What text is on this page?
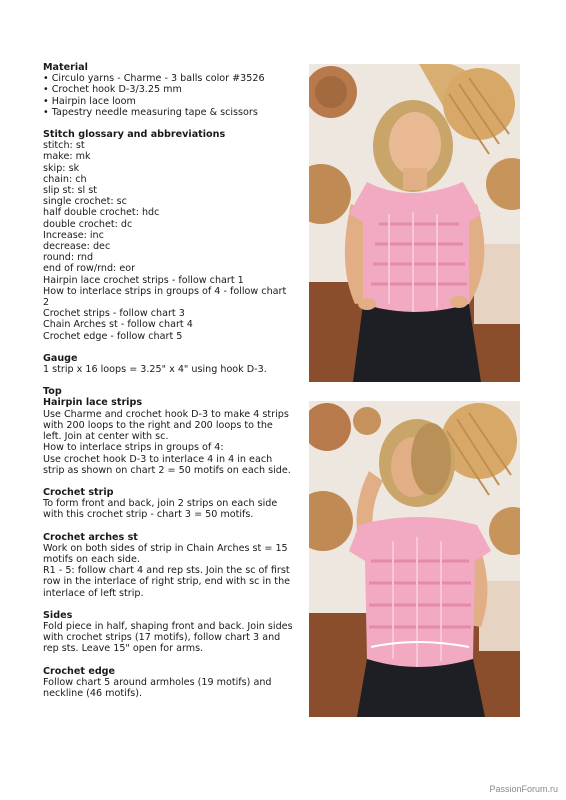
Material
• Circulo yarns - Charme - 3 balls color #3526
• Crochet hook D-3/3.25 mm
• Hairpin lace loom
• Tapestry needle measuring tape & scissors
Stitch glossary and abbreviations
stitch: st
make: mk
skip: sk
chain: ch
slip st: sl st
single crochet: sc
half double crochet: hdc
double crochet: dc
Increase: inc
decrease: dec
round: rnd
end of row/rnd: eor
Hairpin lace crochet strips - follow chart 1
How to interlace strips in groups of 4 - follow chart 2
Crochet strips - follow chart 3
Chain Arches st - follow chart 4
Crochet edge - follow chart 5
Gauge
1 strip x 16 loops = 3.25" x 4" using hook D-3.
Top
Hairpin lace strips
Use Charme and crochet hook D-3 to make 4 strips with 200 loops to the right and 200 loops to the left. Join at center with sc.
How to interlace strips in groups of 4:
Use crochet hook D-3 to interlace 4 in 4 in each strip as shown on chart 2 = 50 motifs on each side.
Crochet strip
To form front and back, join 2 strips on each side with this crochet strip - chart 3 = 50 motifs.
Crochet arches st
Work on both sides of strip in Chain Arches st = 15 motifs on each side.
R1 - 5: follow chart 4 and rep sts. Join the sc of first row in the interlace of right strip, end with sc in the interlace of left strip.
Sides
Fold piece in half, shaping front and back. Join sides with crochet strips (17 motifs), follow chart 3 and rep sts. Leave 15" open for arms.
Crochet edge
Follow chart 5 around armholes (19 motifs) and neckline (46 motifs).
PassionForum.ru
